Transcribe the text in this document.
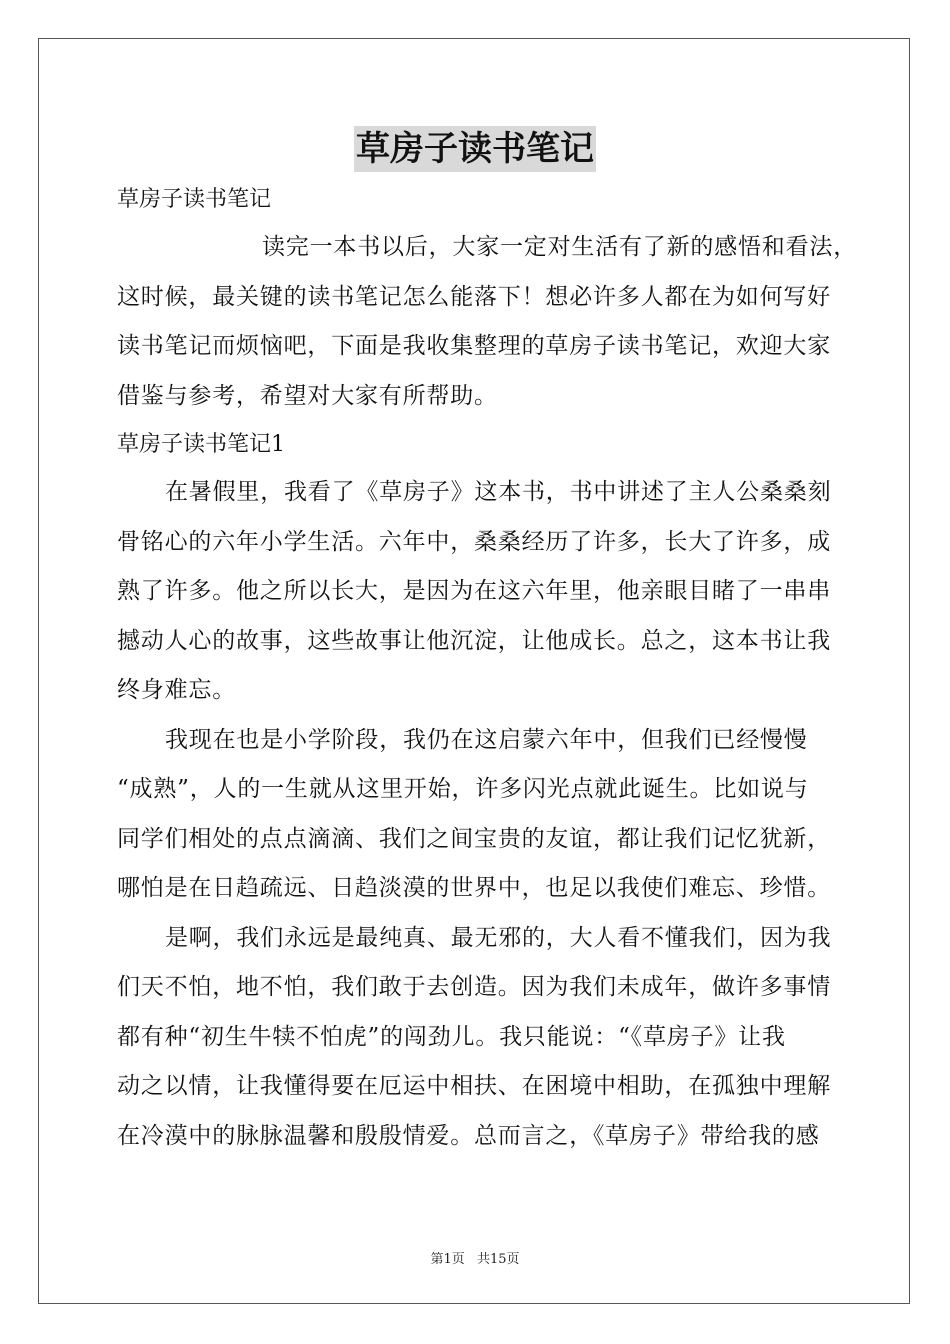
草房子读书笔记
草房子读书笔记
读完一本书以后，大家一定对生活有了新的感悟和看法，
这时候，最关键的读书笔记怎么能落下！想必许多人都在为如何写好
读书笔记而烦恼吧，下面是我收集整理的草房子读书笔记，欢迎大家
借鉴与参考，希望对大家有所帮助。
草房子读书笔记1
在暑假里，我看了《草房子》这本书，书中讲述了主人公桑桑刻
骨铭心的六年小学生活。六年中，桑桑经历了许多，长大了许多，成
熟了许多。他之所以长大，是因为在这六年里，他亲眼目睹了一串串
撼动人心的故事，这些故事让他沉淀，让他成长。总之，这本书让我
终身难忘。
我现在也是小学阶段，我仍在这启蒙六年中，但我们已经慢慢
“成熟”，人的一生就从这里开始，许多闪光点就此诞生。比如说与
同学们相处的点点滴滴、我们之间宝贵的友谊，都让我们记忆犹新，
哪怕是在日趋疏远、日趋淡漠的世界中，也足以我使们难忘、珍惜。
是啊，我们永远是最纯真、最无邪的，大人看不懂我们，因为我
们天不怕，地不怕，我们敢于去创造。因为我们未成年，做许多事情
都有种“初生牛犊不怕虎”的闯劲儿。我只能说：“《草房子》让我
动之以情，让我懂得要在厄运中相扶、在困境中相助，在孤独中理解
在冷漠中的脉脉温馨和殷殷情爱。总而言之，《草房子》带给我的感
第1页 共15页
